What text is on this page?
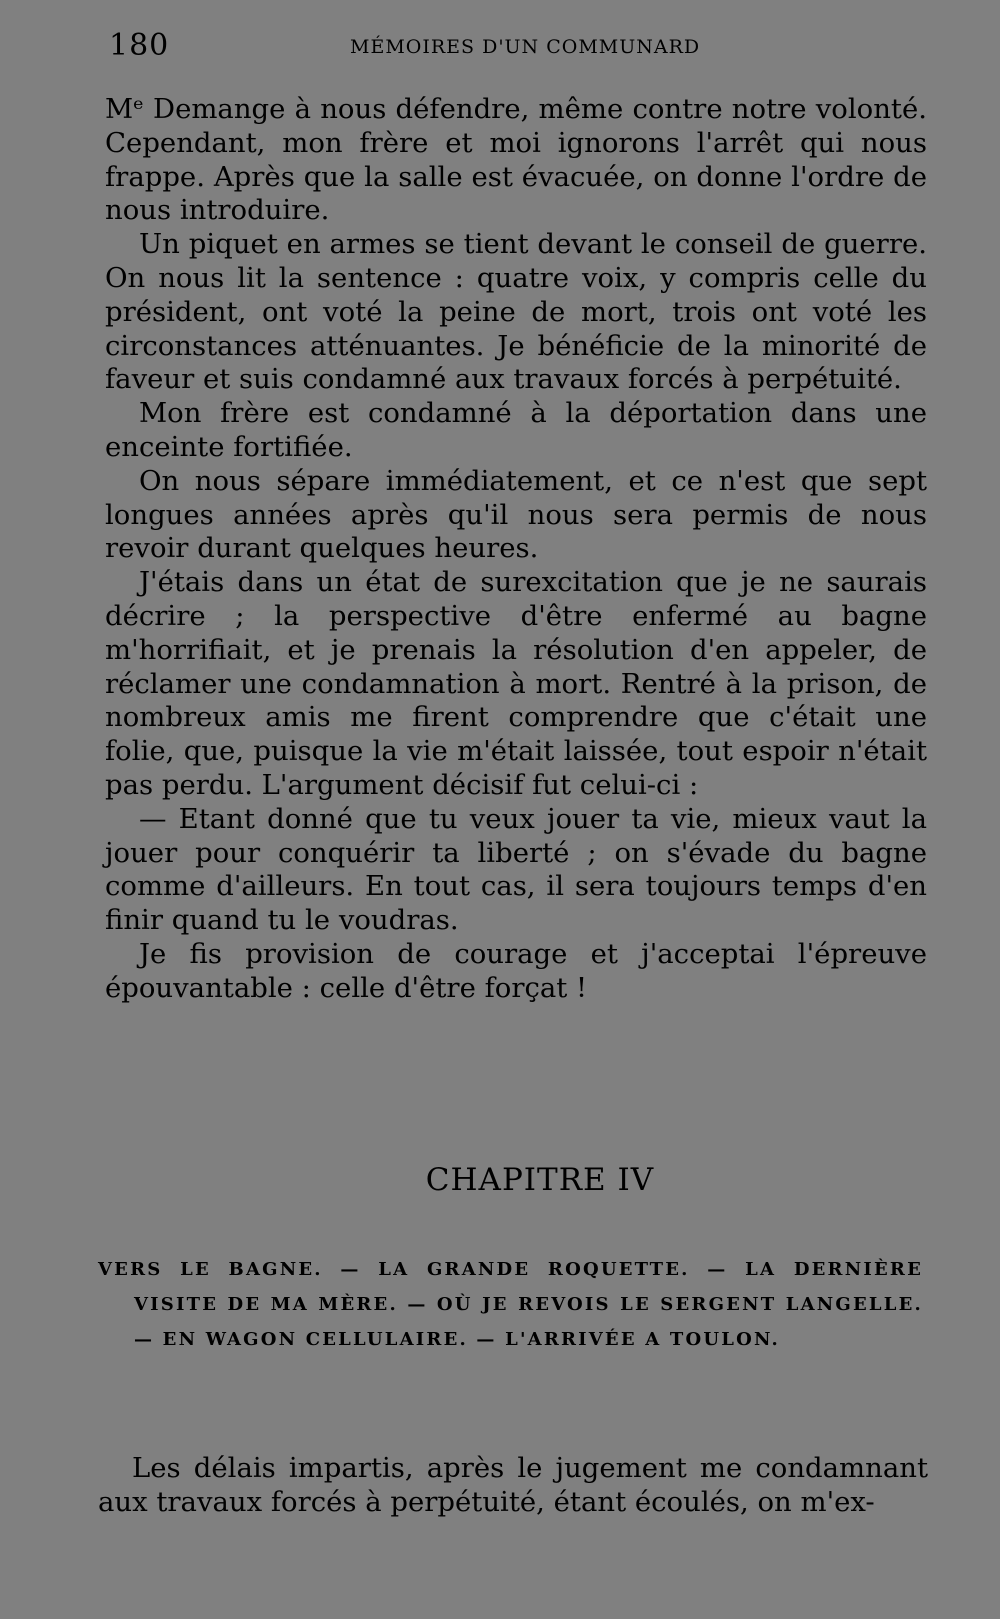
180	MÉMOIRES D'UN COMMUNARD

Mᵉ Demange à nous défendre, même contre notre volonté. Cependant, mon frère et moi ignorons l'arrêt qui nous frappe. Après que la salle est évacuée, on donne l'ordre de nous introduire.

Un piquet en armes se tient devant le conseil de guerre. On nous lit la sentence : quatre voix, y compris celle du président, ont voté la peine de mort, trois ont voté les circonstances atténuantes. Je bénéficie de la minorité de faveur et suis condamné aux travaux forcés à perpétuité.

Mon frère est condamné à la déportation dans une enceinte fortifiée.

On nous sépare immédiatement, et ce n'est que sept longues années après qu'il nous sera permis de nous revoir durant quelques heures.

J'étais dans un état de surexcitation que je ne saurais décrire ; la perspective d'être enfermé au bagne m'horrifiait, et je prenais la résolution d'en appeler, de réclamer une condamnation à mort. Rentré à la prison, de nombreux amis me firent comprendre que c'était une folie, que, puisque la vie m'était laissée, tout espoir n'était pas perdu. L'argument décisif fut celui-ci :

— Etant donné que tu veux jouer ta vie, mieux vaut la jouer pour conquérir ta liberté ; on s'évade du bagne comme d'ailleurs. En tout cas, il sera toujours temps d'en finir quand tu le voudras.

Je fis provision de courage et j'acceptai l'épreuve épouvantable : celle d'être forçat !

CHAPITRE IV
VERS LE BAGNE. — LA GRANDE ROQUETTE. — LA DERNIÈRE VISITE DE MA MÈRE. — OÙ JE REVOIS LE SERGENT LANGELLE. — EN WAGON CELLULAIRE. — L'ARRIVÉE A TOULON.

Les délais impartis, après le jugement me condamnant aux travaux forcés à perpétuité, étant écoulés, on m'ex-
